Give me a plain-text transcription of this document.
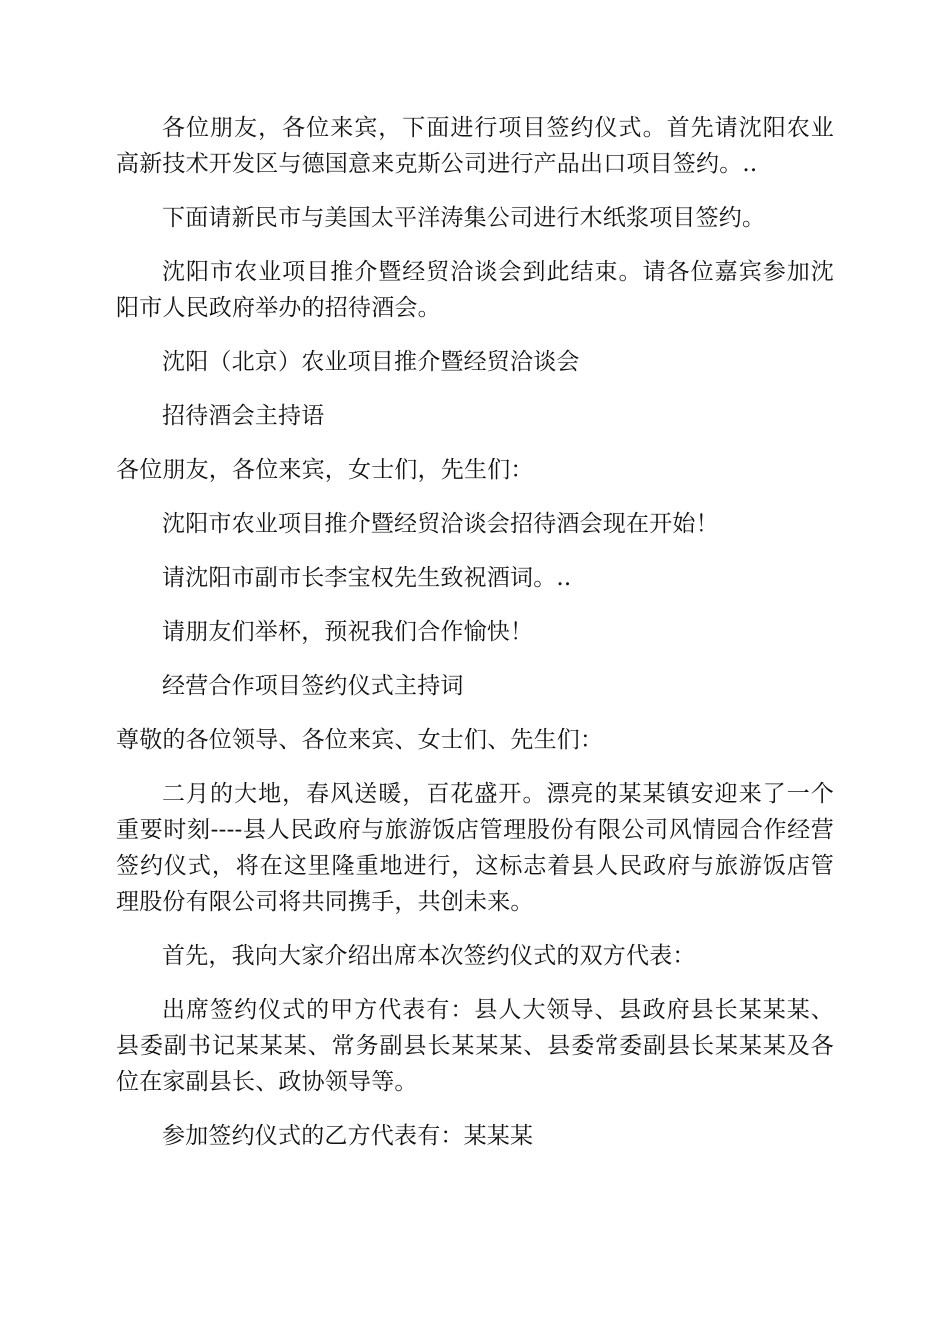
各位朋友，各位来宾，下面进行项目签约仪式。首先请沈阳农业高新技术开发区与德国意来克斯公司进行产品出口项目签约。..

下面请新民市与美国太平洋涛集公司进行木纸浆项目签约。

沈阳市农业项目推介暨经贸洽谈会到此结束。请各位嘉宾参加沈阳市人民政府举办的招待酒会。

沈阳（北京）农业项目推介暨经贸洽谈会

招待酒会主持语

各位朋友，各位来宾，女士们，先生们：

沈阳市农业项目推介暨经贸洽谈会招待酒会现在开始！

请沈阳市副市长李宝权先生致祝酒词。..

请朋友们举杯，预祝我们合作愉快！

经营合作项目签约仪式主持词

尊敬的各位领导、各位来宾、女士们、先生们：

二月的大地，春风送暖，百花盛开。漂亮的某某镇安迎来了一个重要时刻----县人民政府与旅游饭店管理股份有限公司风情园合作经营签约仪式，将在这里隆重地进行，这标志着县人民政府与旅游饭店管理股份有限公司将共同携手，共创未来。

首先，我向大家介绍出席本次签约仪式的双方代表：

出席签约仪式的甲方代表有：县人大领导、县政府县长某某某、县委副书记某某某、常务副县长某某某、县委常委副县长某某某及各位在家副县长、政协领导等。

参加签约仪式的乙方代表有：某某某
